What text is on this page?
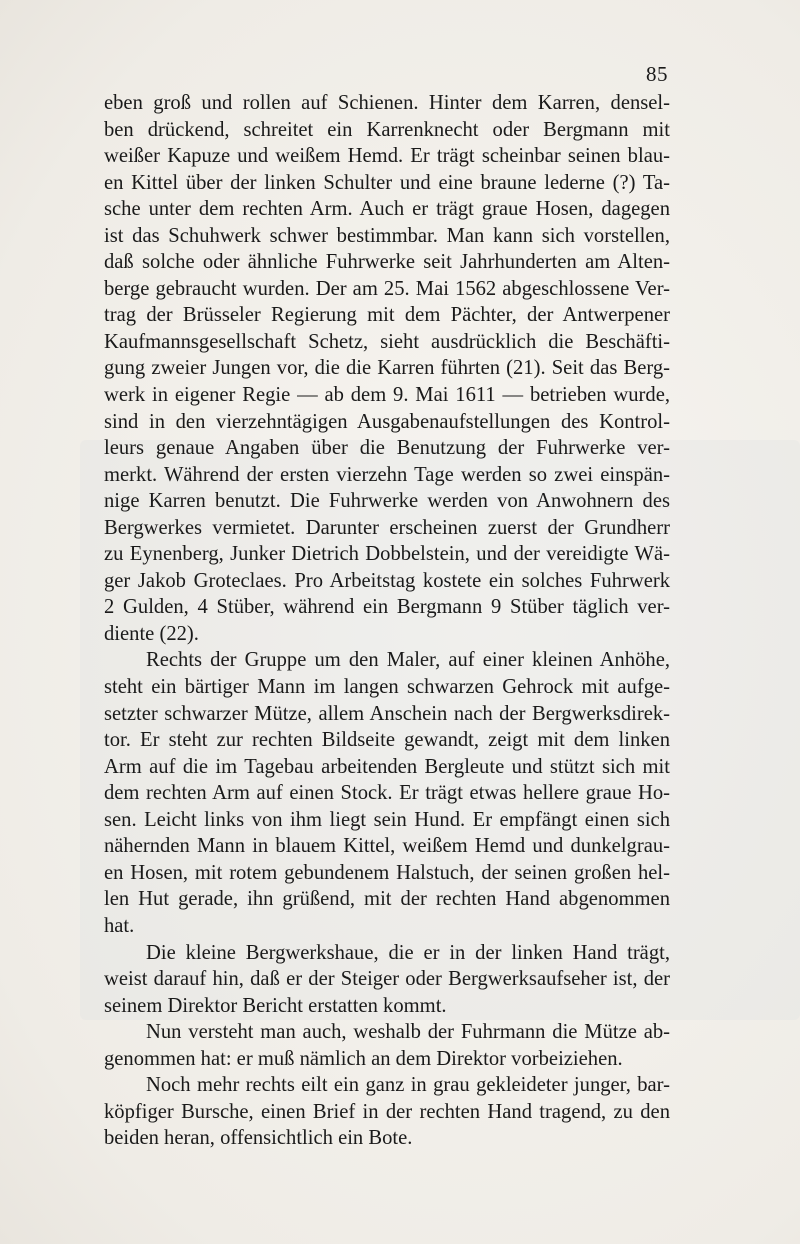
85
eben groß und rollen auf Schienen. Hinter dem Karren, densel-
ben drückend, schreitet ein Karrenknecht oder Bergmann mit
weißer Kapuze und weißem Hemd. Er trägt scheinbar seinen blau-
en Kittel über der linken Schulter und eine braune lederne (?) Ta-
sche unter dem rechten Arm. Auch er trägt graue Hosen, dagegen
ist das Schuhwerk schwer bestimmbar. Man kann sich vorstellen,
daß solche oder ähnliche Fuhrwerke seit Jahrhunderten am Alten-
berge gebraucht wurden. Der am 25. Mai 1562 abgeschlossene Ver-
trag der Brüsseler Regierung mit dem Pächter, der Antwerpener
Kaufmannsgesellschaft Schetz, sieht ausdrücklich die Beschäfti-
gung zweier Jungen vor, die die Karren führten (21). Seit das Berg-
werk in eigener Regie — ab dem 9. Mai 1611 — betrieben wurde,
sind in den vierzehntägigen Ausgabenaufstellungen des Kontrol-
leurs genaue Angaben über die Benutzung der Fuhrwerke ver-
merkt. Während der ersten vierzehn Tage werden so zwei einspän-
nige Karren benutzt. Die Fuhrwerke werden von Anwohnern des
Bergwerkes vermietet. Darunter erscheinen zuerst der Grundherr
zu Eynenberg, Junker Dietrich Dobbelstein, und der vereidigte Wä-
ger Jakob Groteclaes. Pro Arbeitstag kostete ein solches Fuhrwerk
2 Gulden, 4 Stüber, während ein Bergmann 9 Stüber täglich ver-
diente (22).
Rechts der Gruppe um den Maler, auf einer kleinen Anhöhe,
steht ein bärtiger Mann im langen schwarzen Gehrock mit aufge-
setzter schwarzer Mütze, allem Anschein nach der Bergwerksdirek-
tor. Er steht zur rechten Bildseite gewandt, zeigt mit dem linken
Arm auf die im Tagebau arbeitenden Bergleute und stützt sich mit
dem rechten Arm auf einen Stock. Er trägt etwas hellere graue Ho-
sen. Leicht links von ihm liegt sein Hund. Er empfängt einen sich
nähernden Mann in blauem Kittel, weißem Hemd und dunkelgrau-
en Hosen, mit rotem gebundenem Halstuch, der seinen großen hel-
len Hut gerade, ihn grüßend, mit der rechten Hand abgenommen
hat.
Die kleine Bergwerkshaue, die er in der linken Hand trägt,
weist darauf hin, daß er der Steiger oder Bergwerksaufseher ist, der
seinem Direktor Bericht erstatten kommt.
Nun versteht man auch, weshalb der Fuhrmann die Mütze ab-
genommen hat: er muß nämlich an dem Direktor vorbeiziehen.
Noch mehr rechts eilt ein ganz in grau gekleideter junger, bar-
köpfiger Bursche, einen Brief in der rechten Hand tragend, zu den
beiden heran, offensichtlich ein Bote.
